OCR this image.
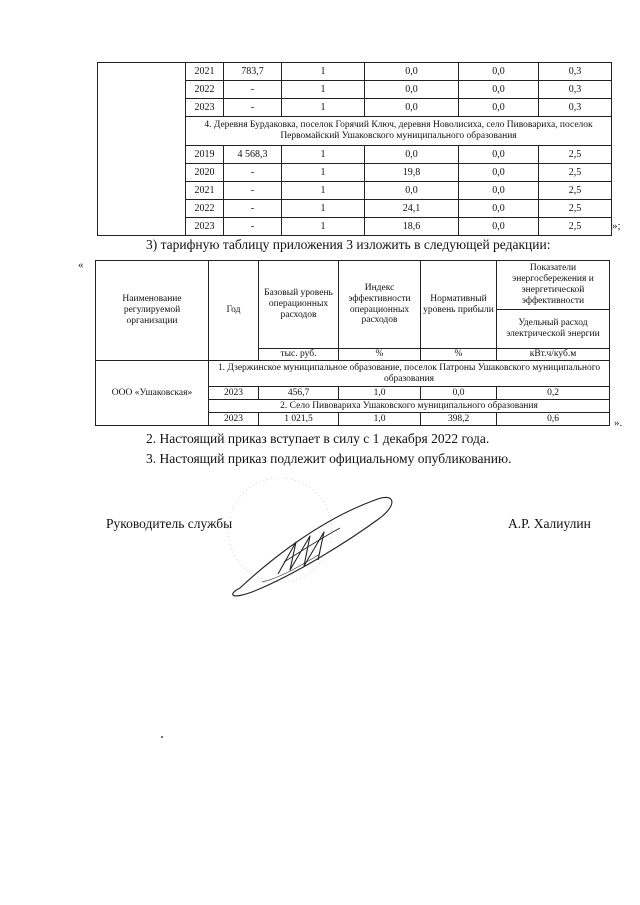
	2021	783,7	1	0,0	0,0	0,3
	2022	-	1	0,0	0,0	0,3
	2023	-	1	0,0	0,0	0,3
	4. Деревня Бурдаковка, поселок Горячий Ключ, деревня Новолисиха, село Пивовариха, поселок Первомайский Ушаковского муниципального образования					
	2019	4 568,3	1	0,0	0,0	2,5
	2020	-	1	19,8	0,0	2,5
	2021	-	1	0,0	0,0	2,5
	2022	-	1	24,1	0,0	2,5
	2023	-	1	18,6	0,0	2,5	»;
3) тарифную таблицу приложения 3 изложить в следующей редакции:
«
Наименование регулируемой организации	Год	Базовый уровень операционных расходов	Индекс эффективности операционных расходов	Нормативный уровень прибыли	Показатели энергосбережения и энергетической эффективности
					Удельный расход электрической энергии
		тыс. руб.	%	%	кВт.ч/куб.м
ООО «Ушаковская»	1. Дзержинское муниципальное образование, поселок Патроны Ушаковского муниципального образования				
	2023	456,7	1,0	0,0	0,2
	2. Село Пивовариха Ушаковского муниципального образования				
	2023	1 021,5	1,0	398,2	0,6	».
2. Настоящий приказ вступает в силу с 1 декабря 2022 года.
3. Настоящий приказ подлежит официальному опубликованию.
Руководитель службы	А.Р. Халиулин
